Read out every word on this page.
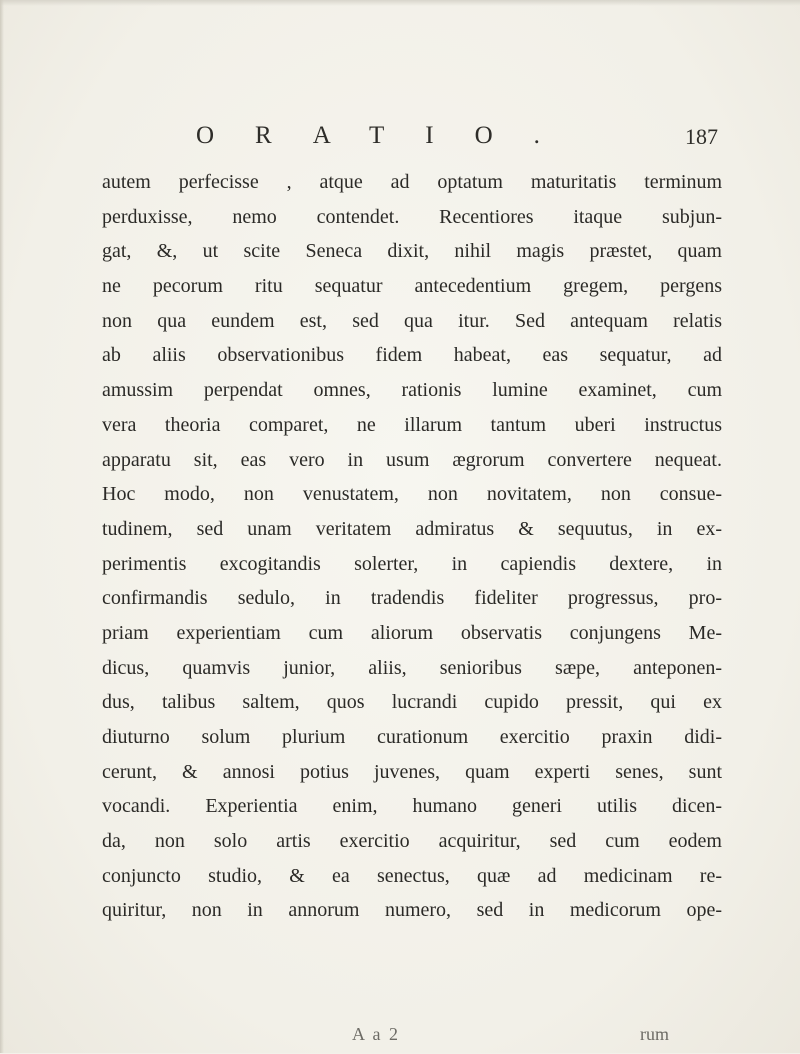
ORATIO.	187
autem perfecisse , atque ad optatum maturitatis terminum
perduxisse, nemo contendet. Recentiores itaque subjun-
gat, &, ut scite Seneca dixit, nihil magis præstet, quam
ne pecorum ritu sequatur antecedentium gregem, pergens
non qua eundem est, sed qua itur. Sed antequam relatis
ab aliis observationibus fidem habeat, eas sequatur, ad
amussim perpendat omnes, rationis lumine examinet, cum
vera theoria comparet, ne illarum tantum uberi instructus
apparatu sit, eas vero in usum ægrorum convertere nequeat.
Hoc modo, non venustatem, non novitatem, non consue-
tudinem, sed unam veritatem admiratus & sequutus, in ex-
perimentis excogitandis solerter, in capiendis dextere, in
confirmandis sedulo, in tradendis fideliter progressus, pro-
priam experientiam cum aliorum observatis conjungens Me-
dicus, quamvis junior, aliis, senioribus sæpe, anteponen-
dus, talibus saltem, quos lucrandi cupido pressit, qui ex
diuturno solum plurium curationum exercitio praxin didi-
cerunt, & annosi potius juvenes, quam experti senes, sunt
vocandi. Experientia enim, humano generi utilis dicen-
da, non solo artis exercitio acquiritur, sed cum eodem
conjuncto studio, & ea senectus, quæ ad medicinam re-
quiritur, non in annorum numero, sed in medicorum ope-
A a 2	rum
